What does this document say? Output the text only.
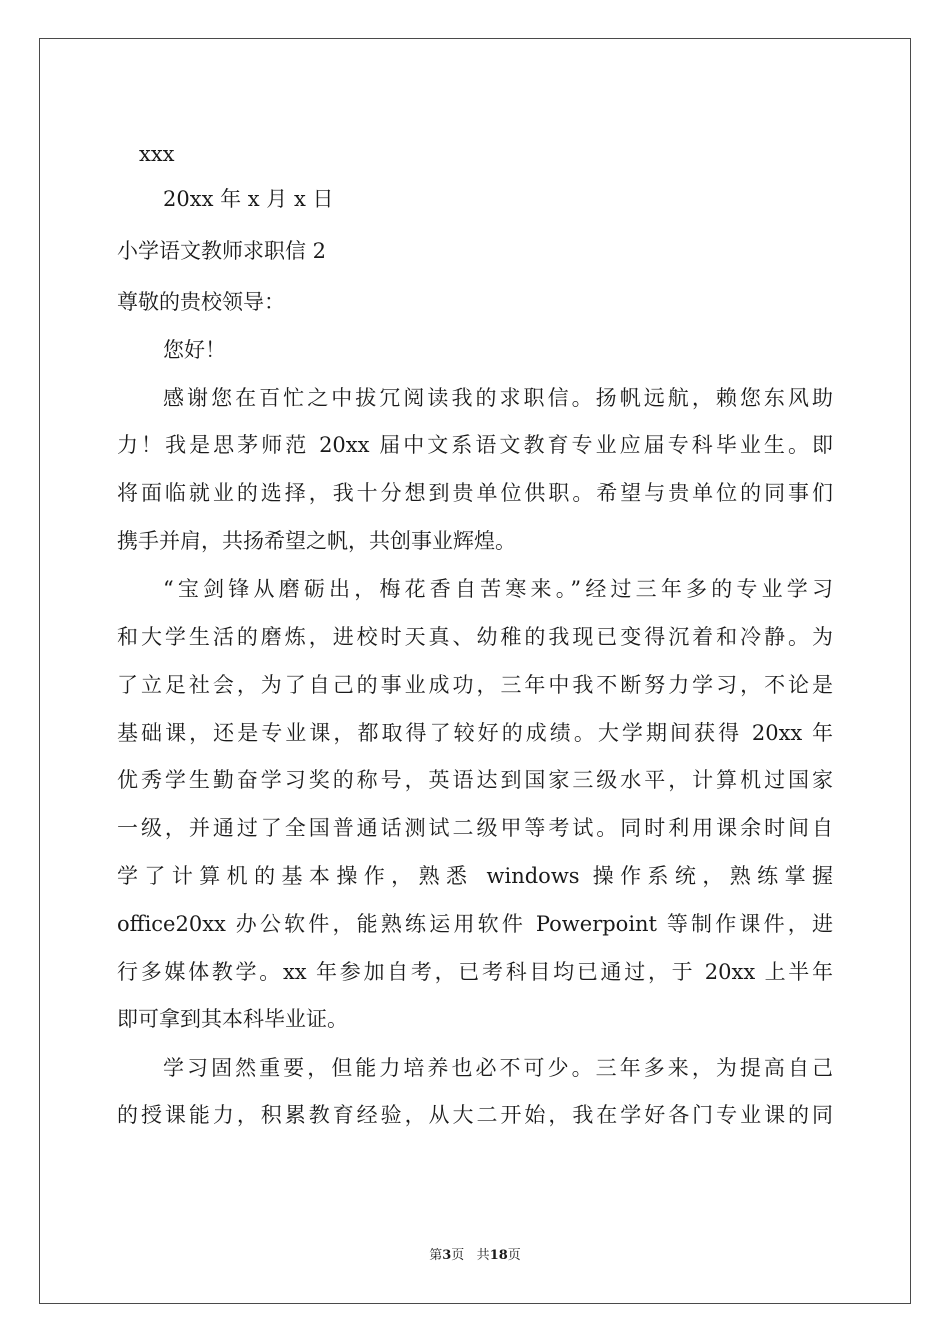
xxx
20xx 年 x 月 x 日
小学语文教师求职信 2
尊敬的贵校领导：
您好！
感谢您在百忙之中拔冗阅读我的求职信。扬帆远航，赖您东风助
力！我是思茅师范 20xx 届中文系语文教育专业应届专科毕业生。即
将面临就业的选择，我十分想到贵单位供职。希望与贵单位的同事们
携手并肩，共扬希望之帆，共创事业辉煌。
“宝剑锋从磨砺出，梅花香自苦寒来。”经过三年多的专业学习
和大学生活的磨炼，进校时天真、幼稚的我现已变得沉着和冷静。为
了立足社会，为了自己的事业成功，三年中我不断努力学习，不论是
基础课，还是专业课，都取得了较好的成绩。大学期间获得 20xx 年
优秀学生勤奋学习奖的称号，英语达到国家三级水平，计算机过国家
一级，并通过了全国普通话测试二级甲等考试。同时利用课余时间自
学了计算机的基本操作，熟悉 windows 操作系统，熟练掌握
office20xx 办公软件，能熟练运用软件 Powerpoint 等制作课件，进
行多媒体教学。xx 年参加自考，已考科目均已通过，于 20xx 上半年
即可拿到其本科毕业证。
学习固然重要，但能力培养也必不可少。三年多来，为提高自己
的授课能力，积累教育经验，从大二开始，我在学好各门专业课的同
第3页 共18页
